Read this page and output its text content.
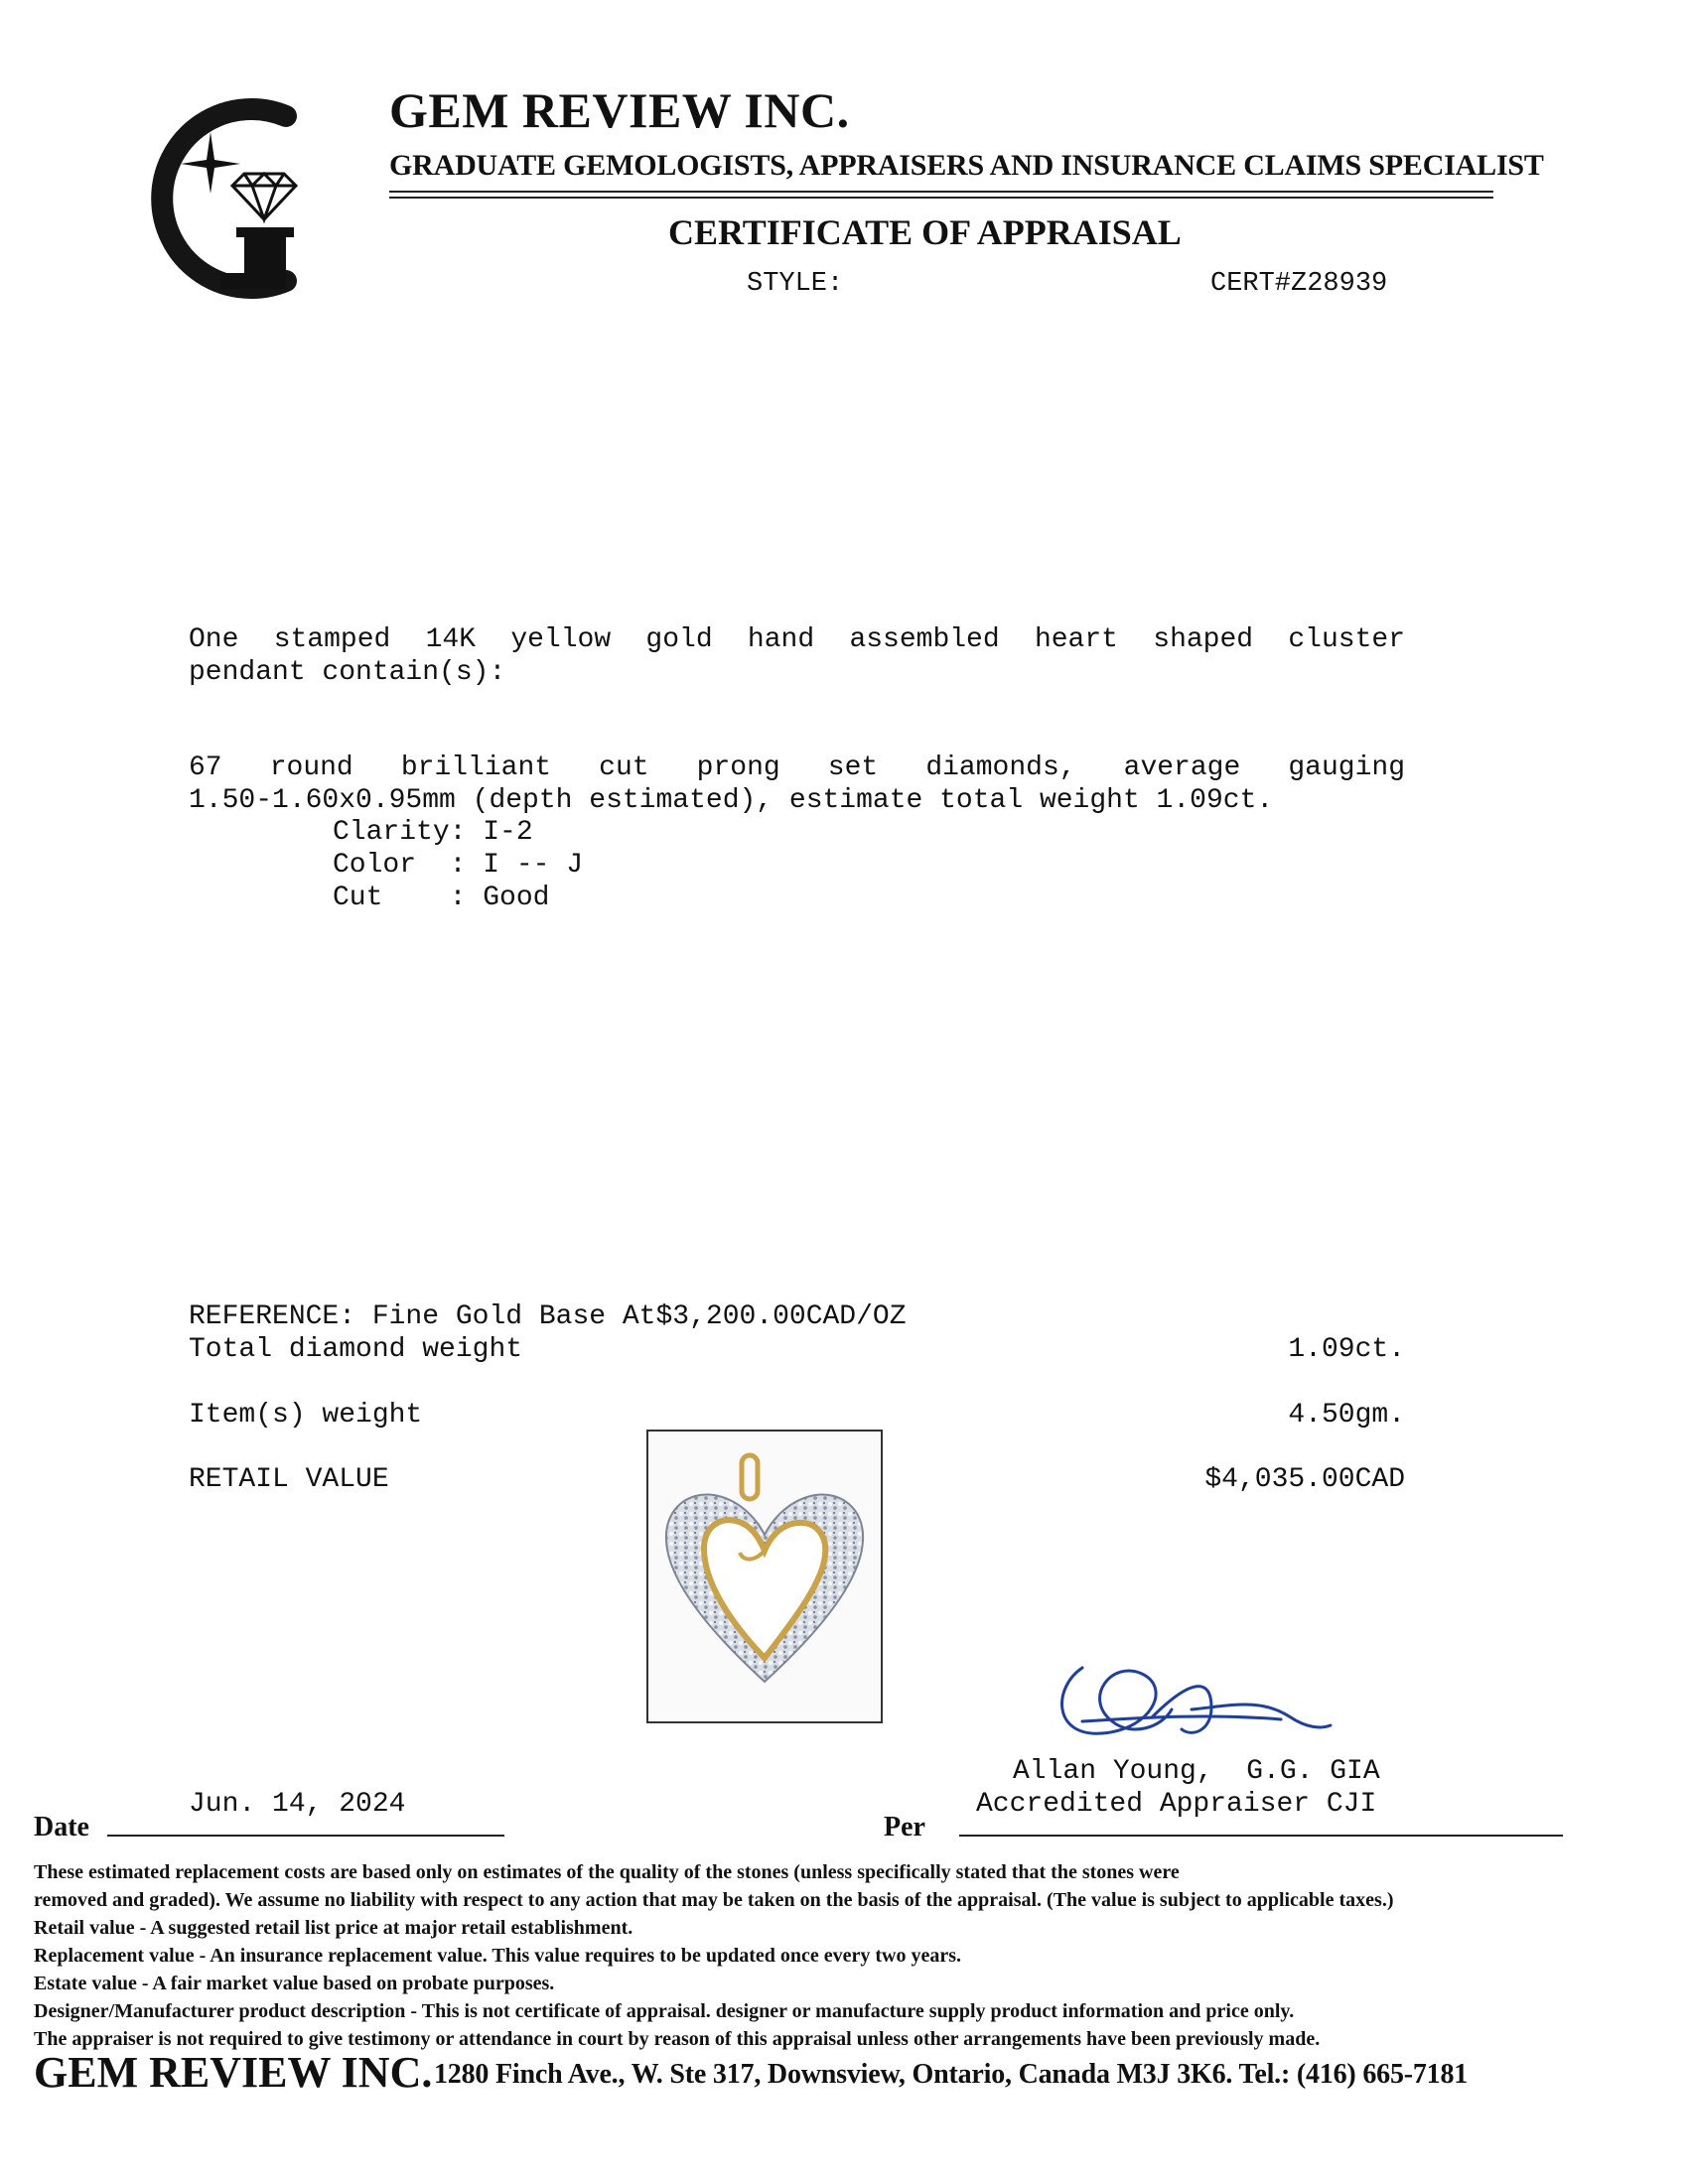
GEM REVIEW INC.
GRADUATE GEMOLOGISTS, APPRAISERS AND INSURANCE CLAIMS SPECIALIST
CERTIFICATE OF APPRAISAL
STYLE:	CERT#Z28939
One stamped 14K yellow gold hand assembled heart shaped cluster
pendant contain(s):
67 round brilliant cut prong set diamonds, average gauging
1.50-1.60x0.95mm (depth estimated), estimate total weight 1.09ct.
Clarity: I-2
Color  : I -- J
Cut    : Good
REFERENCE: Fine Gold Base At$3,200.00CAD/OZ
Total diamond weight	1.09ct.
Item(s) weight	4.50gm.
RETAIL VALUE	$4,035.00CAD
Allan Young,  G.G. GIA
Accredited Appraiser CJI
Date
Jun. 14, 2024
Per
These estimated replacement costs are based only on estimates of the quality of the stones (unless specifically stated that the stones were
removed and graded). We assume no liability with respect to any action that may be taken on the basis of the appraisal. (The value is subject to applicable taxes.)
Retail value - A suggested retail list price at major retail establishment.
Replacement value - An insurance replacement value. This value requires to be updated once every two years.
Estate value - A fair market value based on probate purposes.
Designer/Manufacturer product description - This is not certificate of appraisal. designer or manufacture supply product information and price only.
The appraiser is not required to give testimony or attendance in court by reason of this appraisal unless other arrangements have been previously made.
GEM REVIEW INC. 1280 Finch Ave., W. Ste 317, Downsview, Ontario, Canada M3J 3K6. Tel.: (416) 665-7181
